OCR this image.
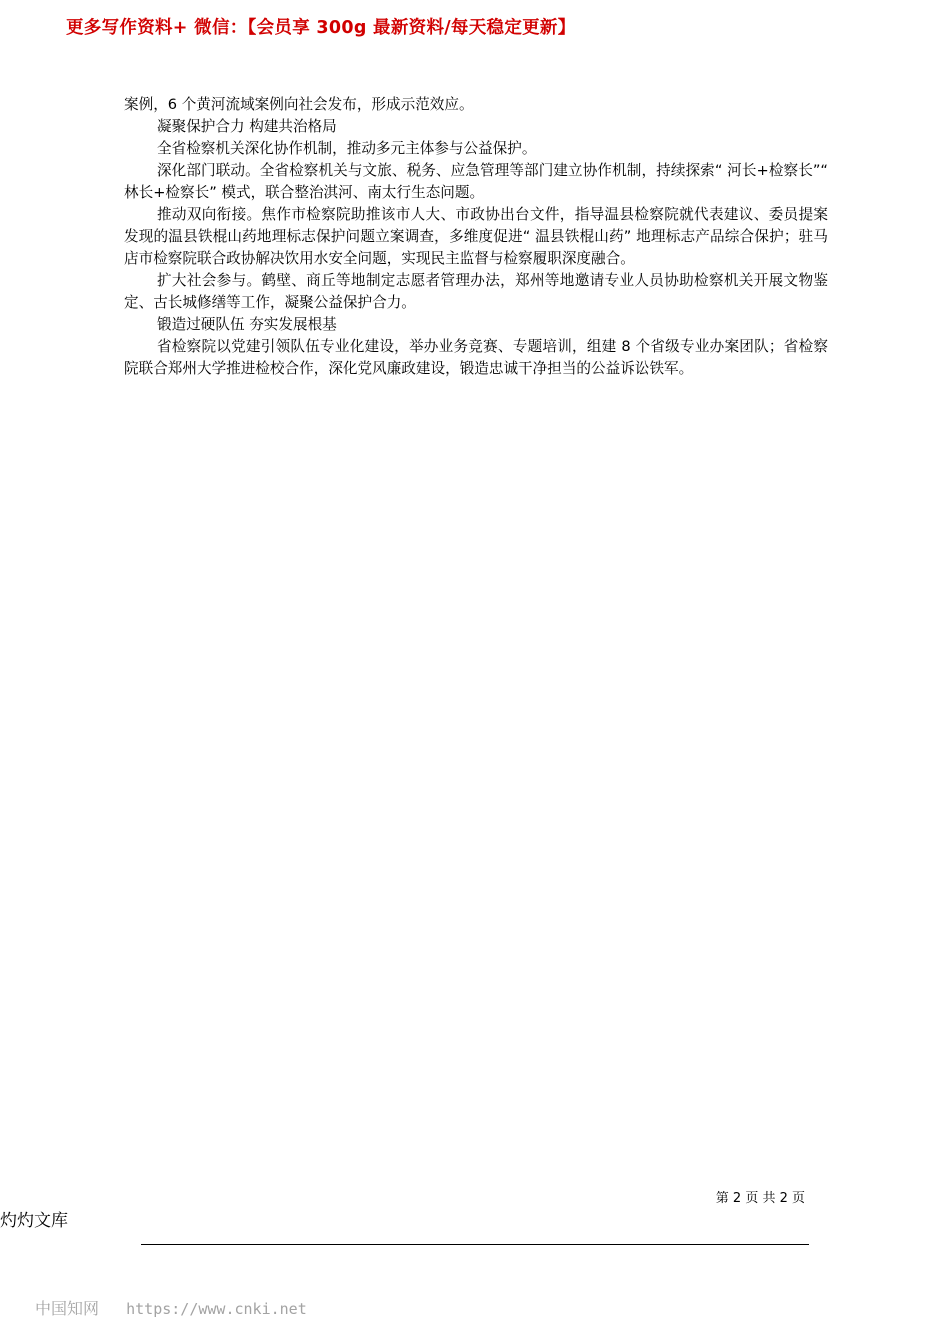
更多写作资料+ 微信：【会员享 300g 最新资料/每天稳定更新】

案例，6 个黄河流域案例向社会发布，形成示范效应。

凝聚保护合力 构建共治格局

全省检察机关深化协作机制，推动多元主体参与公益保护。

深化部门联动。全省检察机关与文旅、税务、应急管理等部门建立协作机制，持续探索“ 河长+检察长”“ 林长+检察长” 模式，联合整治淇河、南太行生态问题。

推动双向衔接。焦作市检察院助推该市人大、市政协出台文件，指导温县检察院就代表建议、委员提案发现的温县铁棍山药地理标志保护问题立案调查，多维度促进“ 温县铁棍山药” 地理标志产品综合保护；驻马店市检察院联合政协解决饮用水安全问题，实现民主监督与检察履职深度融合。

扩大社会参与。鹤壁、商丘等地制定志愿者管理办法，郑州等地邀请专业人员协助检察机关开展文物鉴定、古长城修缮等工作，凝聚公益保护合力。

锻造过硬队伍 夯实发展根基

省检察院以党建引领队伍专业化建设，举办业务竞赛、专题培训，组建 8 个省级专业办案团队；省检察院联合郑州大学推进检校合作，深化党风廉政建设，锻造忠诚干净担当的公益诉讼铁军。

第 2 页 共 2 页
灼灼文库
中国知网 https://www.cnki.net
